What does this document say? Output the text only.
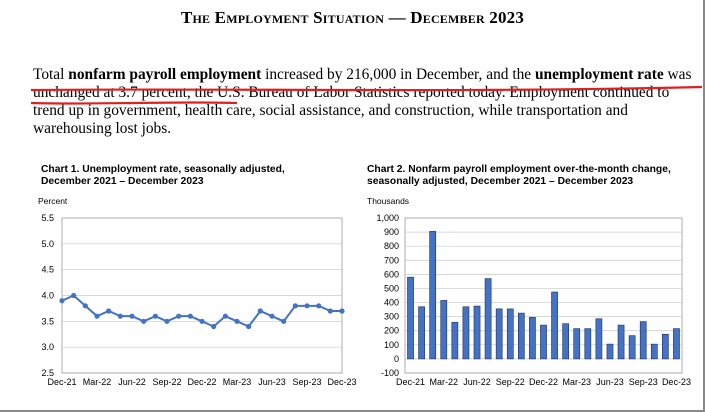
The Employment Situation — December 2023
Total nonfarm payroll employment increased by 216,000 in December, and the unemployment rate was unchanged at 3.7 percent, the U.S. Bureau of Labor Statistics reported today. Employment continued to trend up in government, health care, social assistance, and construction, while transportation and warehousing lost jobs.
Chart 1. Unemployment rate, seasonally adjusted,
December 2021 – December 2023
Percent
2.5
3.0
3.5
4.0
4.5
5.0
5.5
Dec-21 Mar-22 Jun-22 Sep-22 Dec-22 Mar-23 Jun-23 Sep-23 Dec-23
Chart 2. Nonfarm payroll employment over-the-month change,
seasonally adjusted, December 2021 – December 2023
Thousands
-100
0
100
200
300
400
500
600
700
800
900
1,000
Dec-21 Mar-22 Jun-22 Sep-22 Dec-22 Mar-23 Jun-23 Sep-23 Dec-23
